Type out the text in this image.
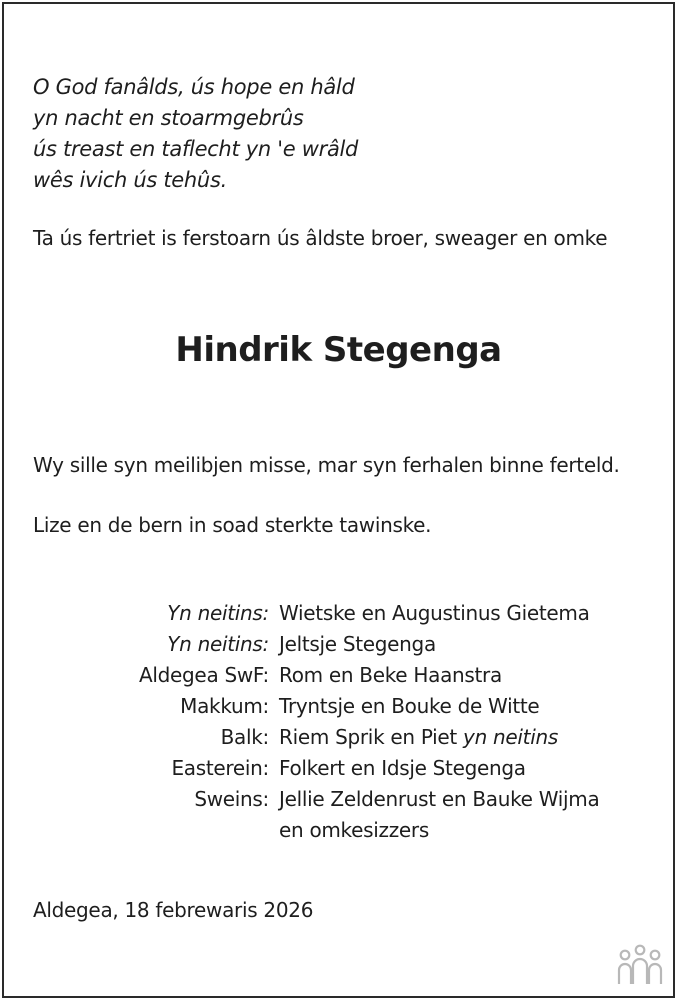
O God fanâlds, ús hope en hâld
yn nacht en stoarmgebrûs
ús treast en taflecht yn 'e wrâld
wês ivich ús tehûs.
Ta ús fertriet is ferstoarn ús âldste broer, sweager en omke
Hindrik Stegenga
Wy sille syn meilibjen misse, mar syn ferhalen binne ferteld.
Lize en de bern in soad sterkte tawinske.
Yn neitins: Wietske en Augustinus Gietema
Yn neitins: Jeltsje Stegenga
Aldegea SwF: Rom en Beke Haanstra
Makkum: Tryntsje en Bouke de Witte
Balk: Riem Sprik en Piet yn neitins
Easterein: Folkert en Idsje Stegenga
Sweins: Jellie Zeldenrust en Bauke Wijma
en omkesizzers
Aldegea, 18 febrewaris 2026
